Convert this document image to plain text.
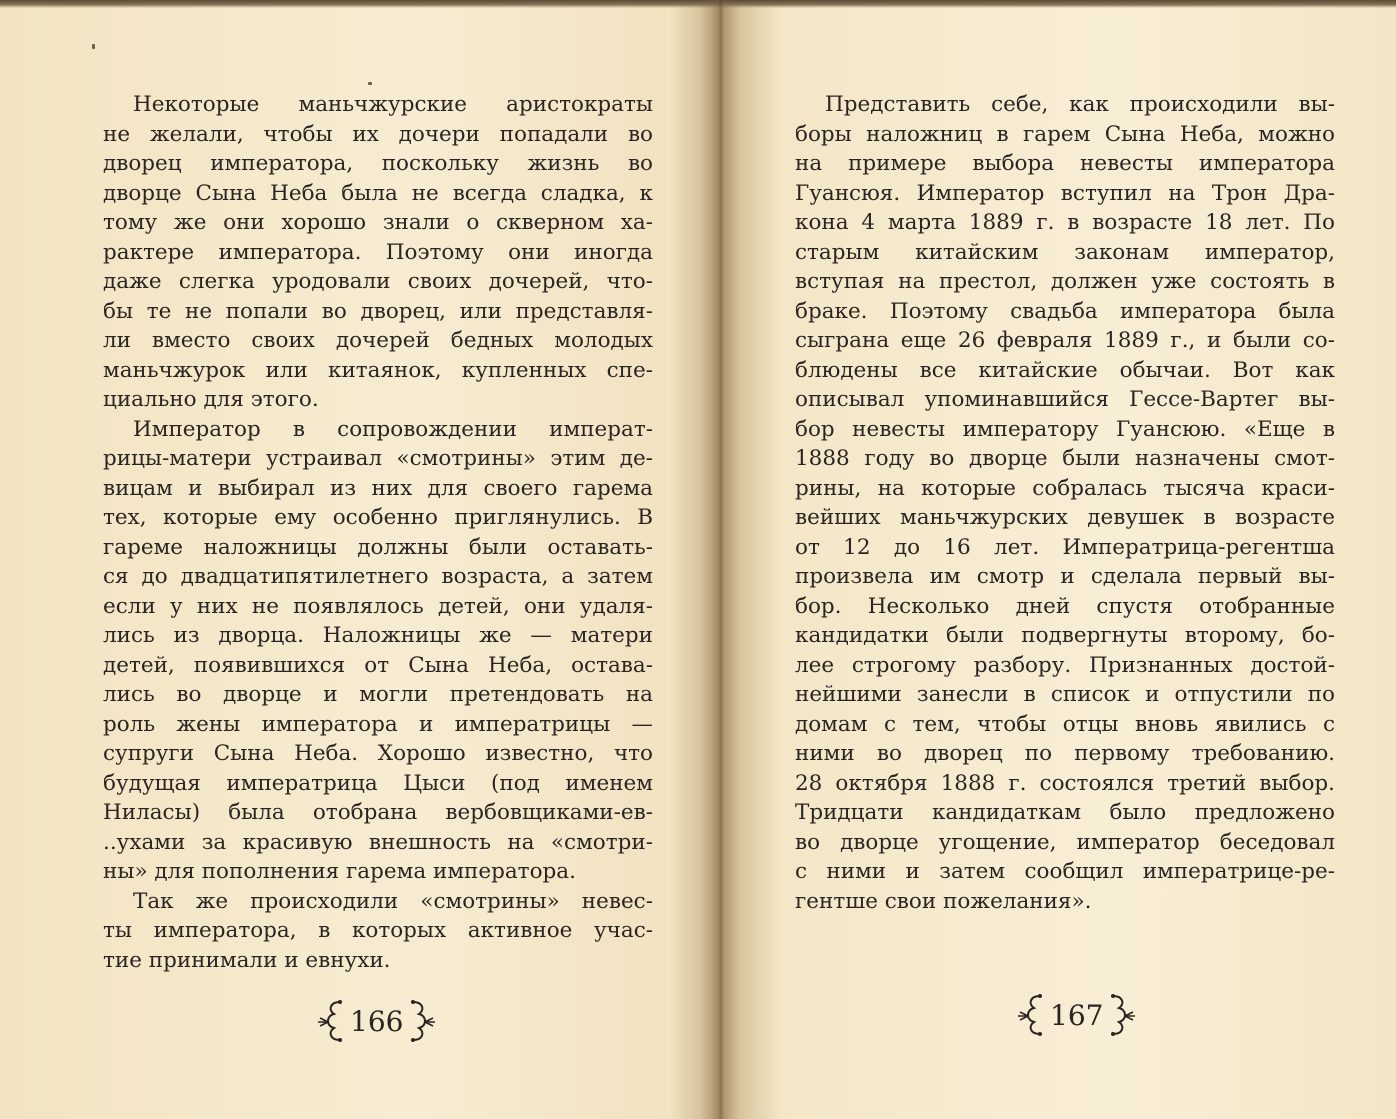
Некоторые маньчжурские аристократы
не желали, чтобы их дочери попадали во
дворец императора, поскольку жизнь во
дворце Сына Неба была не всегда сладка, к
тому же они хорошо знали о скверном ха-
рактере императора. Поэтому они иногда
даже слегка уродовали своих дочерей, что-
бы те не попали во дворец, или представля-
ли вместо своих дочерей бедных молодых
маньчжурок или китаянок, купленных спе-
циально для этого.
Император в сопровождении императ-
рицы-матери устраивал «смотрины» этим де-
вицам и выбирал из них для своего гарема
тех, которые ему особенно приглянулись. В
гареме наложницы должны были оставать-
ся до двадцатипятилетнего возраста, а затем
если у них не появлялось детей, они удаля-
лись из дворца. Наложницы же — матери
детей, появившихся от Сына Неба, остава-
лись во дворце и могли претендовать на
роль жены императора и императрицы —
супруги Сына Неба. Хорошо известно, что
будущая императрица Цыси (под именем
Ниласы) была отобрана вербовщиками-ев-
..ухами за красивую внешность на «смотри-
ны» для пополнения гарема императора.
Так же происходили «смотрины» невес-
ты императора, в которых активное учас-
тие принимали и евнухи.
166
Представить себе, как происходили вы-
боры наложниц в гарем Сына Неба, можно
на примере выбора невесты императора
Гуансюя. Император вступил на Трон Дра-
кона 4 марта 1889 г. в возрасте 18 лет. По
старым китайским законам император,
вступая на престол, должен уже состоять в
браке. Поэтому свадьба императора была
сыграна еще 26 февраля 1889 г., и были со-
блюдены все китайские обычаи. Вот как
описывал упоминавшийся Гессе-Вартег вы-
бор невесты императору Гуансюю. «Еще в
1888 году во дворце были назначены смот-
рины, на которые собралась тысяча краси-
вейших маньчжурских девушек в возрасте
от 12 до 16 лет. Императрица-регентша
произвела им смотр и сделала первый вы-
бор. Несколько дней спустя отобранные
кандидатки были подвергнуты второму, бо-
лее строгому разбору. Признанных достой-
нейшими занесли в список и отпустили по
домам с тем, чтобы отцы вновь явились с
ними во дворец по первому требованию.
28 октября 1888 г. состоялся третий выбор.
Тридцати кандидаткам было предложено
во дворце угощение, император беседовал
с ними и затем сообщил императрице-ре-
гентше свои пожелания».
167
